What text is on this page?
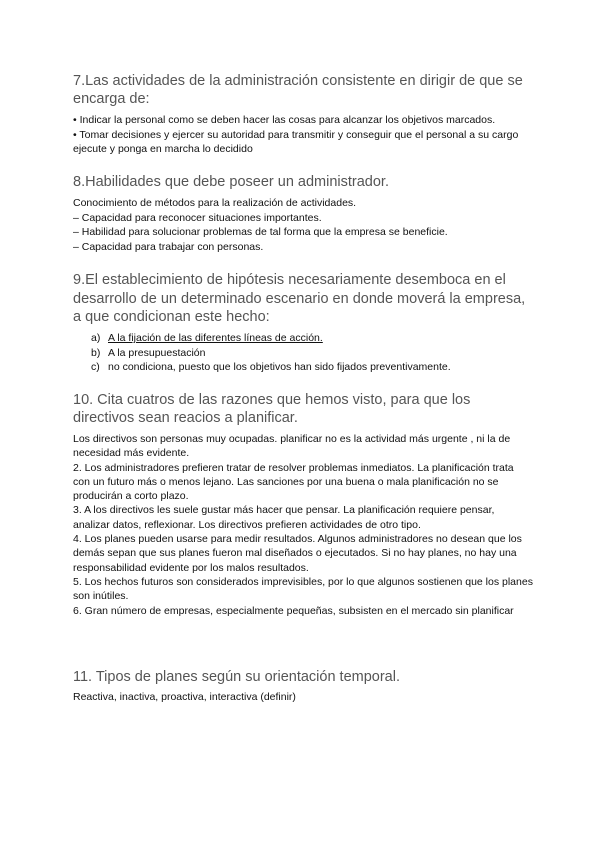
7.Las actividades de la administración consistente en dirigir de que se encarga de:
• Indicar la personal como se deben hacer las cosas para alcanzar los objetivos marcados.
• Tomar decisiones y ejercer su autoridad para transmitir y conseguir que el personal a su cargo ejecute y ponga en marcha lo decidido
8.Habilidades que debe poseer un administrador.
Conocimiento de métodos para la realización de actividades.
– Capacidad para reconocer situaciones importantes.
– Habilidad para solucionar problemas de tal forma que la empresa se beneficie.
– Capacidad para trabajar con personas.
9.El establecimiento de hipótesis necesariamente desemboca en el desarrollo de un determinado escenario en donde moverá la empresa, a que condicionan este hecho:
a) A la fijación de las diferentes líneas de acción.
b) A la presupuestación
c) no condiciona, puesto que los objetivos han sido fijados preventivamente.
10. Cita cuatros de las razones que hemos visto, para que los directivos sean reacios a planificar.
Los directivos son personas muy ocupadas. planificar no es la actividad más urgente , ni la de necesidad más evidente.
2. Los administradores prefieren tratar de resolver problemas inmediatos. La planificación trata con un futuro más o menos lejano. Las sanciones por una buena o mala planificación no se producirán a corto plazo.
3. A los directivos les suele gustar más hacer que pensar. La planificación requiere pensar, analizar datos, reflexionar. Los directivos prefieren actividades de otro tipo.
4. Los planes pueden usarse para medir resultados. Algunos administradores no desean que los demás sepan que sus planes fueron mal diseñados o ejecutados. Si no hay planes, no hay una responsabilidad evidente por los malos resultados.
5. Los hechos futuros son considerados imprevisibles, por lo que algunos sostienen que los planes son inútiles.
6. Gran número de empresas, especialmente pequeñas, subsisten en el mercado sin planificar
11. Tipos de planes según su orientación temporal.
Reactiva, inactiva, proactiva, interactiva (definir)
